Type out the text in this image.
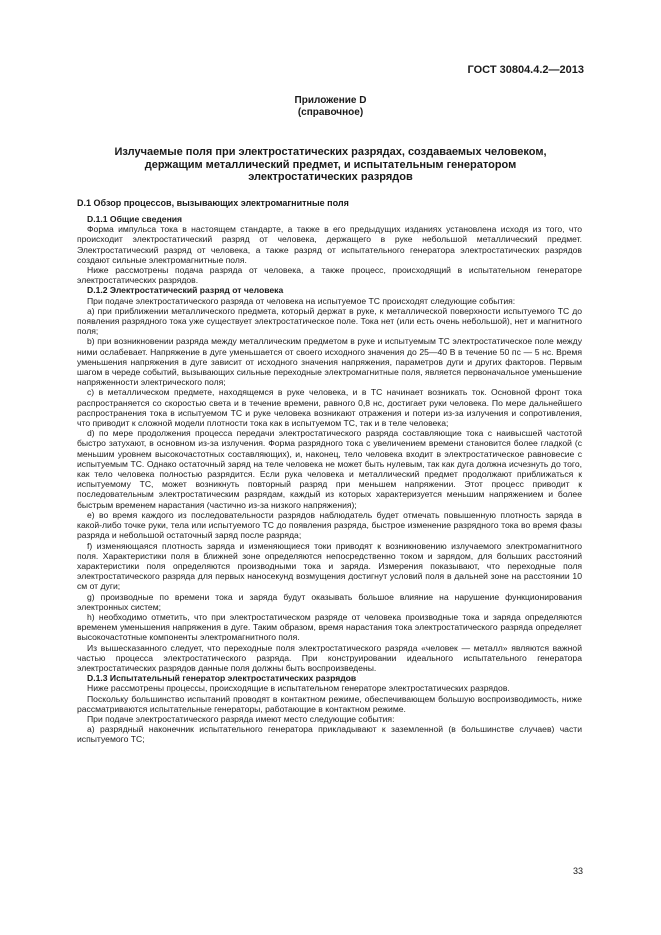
ГОСТ 30804.4.2—2013
Приложение D
(справочное)
Излучаемые поля при электростатических разрядах, создаваемых человеком,
держащим металлический предмет, и испытательным генератором
электростатических разрядов
D.1 Обзор процессов, вызывающих электромагнитные поля

D.1.1 Общие сведения

Форма импульса тока в настоящем стандарте, а также в его предыдущих изданиях установлена исходя из того, что происходит электростатический разряд от человека, держащего в руке небольшой металлический предмет. Электростатический разряд от человека, а также разряд от испытательного генератора электростатических разрядов создают сильные электромагнитные поля.

Ниже рассмотрены подача разряда от человека, а также процесс, происходящий в испытательном генераторе электростатических разрядов.

D.1.2 Электростатический разряд от человека

При подаче электростатического разряда от человека на испытуемое ТС происходят следующие события:

a) при приближении металлического предмета, который держат в руке, к металлической поверхности испытуемого ТС до появления разрядного тока уже существует электростатическое поле. Тока нет (или есть очень небольшой), нет и магнитного поля;

b) при возникновении разряда между металлическим предметом в руке и испытуемым ТС электростатическое поле между ними ослабевает. Напряжение в дуге уменьшается от своего исходного значения до 25—40 В в течение 50 пс — 5 нс. Время уменьшения напряжения в дуге зависит от исходного значения напряжения, параметров дуги и других факторов. Первым шагом в череде событий, вызывающих сильные переходные электромагнитные поля, является первоначальное уменьшение напряженности электрического поля;

c) в металлическом предмете, находящемся в руке человека, и в ТС начинает возникать ток. Основной фронт тока распространяется со скоростью света и в течение времени, равного 0,8 нс, достигает руки человека. По мере дальнейшего распространения тока в испытуемом ТС и руке человека возникают отражения и потери из-за излучения и сопротивления, что приводит к сложной модели плотности тока как в испытуемом ТС, так и в теле человека;

d) по мере продолжения процесса передачи электростатического разряда составляющие тока с наивысшей частотой быстро затухают, в основном из-за излучения. Форма разрядного тока с увеличением времени становится более гладкой (с меньшим уровнем высокочастотных составляющих), и, наконец, тело человека входит в электростатическое равновесие с испытуемым ТС. Однако остаточный заряд на теле человека не может быть нулевым, так как дуга должна исчезнуть до того, как тело человека полностью разрядится. Если рука человека и металлический предмет продолжают приближаться к испытуемому ТС, может возникнуть повторный разряд при меньшем напряжении. Этот процесс приводит к последовательным электростатическим разрядам, каждый из которых характеризуется меньшим напряжением и более быстрым временем нарастания (частично из-за низкого напряжения);

e) во время каждого из последовательности разрядов наблюдатель будет отмечать повышенную плотность заряда в какой-либо точке руки, тела или испытуемого ТС до появления разряда, быстрое изменение разрядного тока во время фазы разряда и небольшой остаточный заряд после разряда;

f) изменяющаяся плотность заряда и изменяющиеся токи приводят к возникновению излучаемого электромагнитного поля. Характеристики поля в ближней зоне определяются непосредственно током и зарядом, для больших расстояний характеристики поля определяются производными тока и заряда. Измерения показывают, что переходные поля электростатического разряда для первых наносекунд возмущения достигнут условий поля в дальней зоне на расстоянии 10 см от дуги;

g) производные по времени тока и заряда будут оказывать большое влияние на нарушение функционирования электронных систем;

h) необходимо отметить, что при электростатическом разряде от человека производные тока и заряда определяются временем уменьшения напряжения в дуге. Таким образом, время нарастания тока электростатического разряда определяет высокочастотные компоненты электромагнитного поля.

Из вышесказанного следует, что переходные поля электростатического разряда «человек — металл» являются важной частью процесса электростатического разряда. При конструировании идеального испытательного генератора электростатических разрядов данные поля должны быть воспроизведены.

D.1.3 Испытательный генератор электростатических разрядов

Ниже рассмотрены процессы, происходящие в испытательном генераторе электростатических разрядов.

Поскольку большинство испытаний проводят в контактном режиме, обеспечивающем большую воспроизводимость, ниже рассматриваются испытательные генераторы, работающие в контактном режиме.

При подаче электростатического разряда имеют место следующие события:

a) разрядный наконечник испытательного генератора прикладывают к заземленной (в большинстве случаев) части испытуемого ТС;

33
